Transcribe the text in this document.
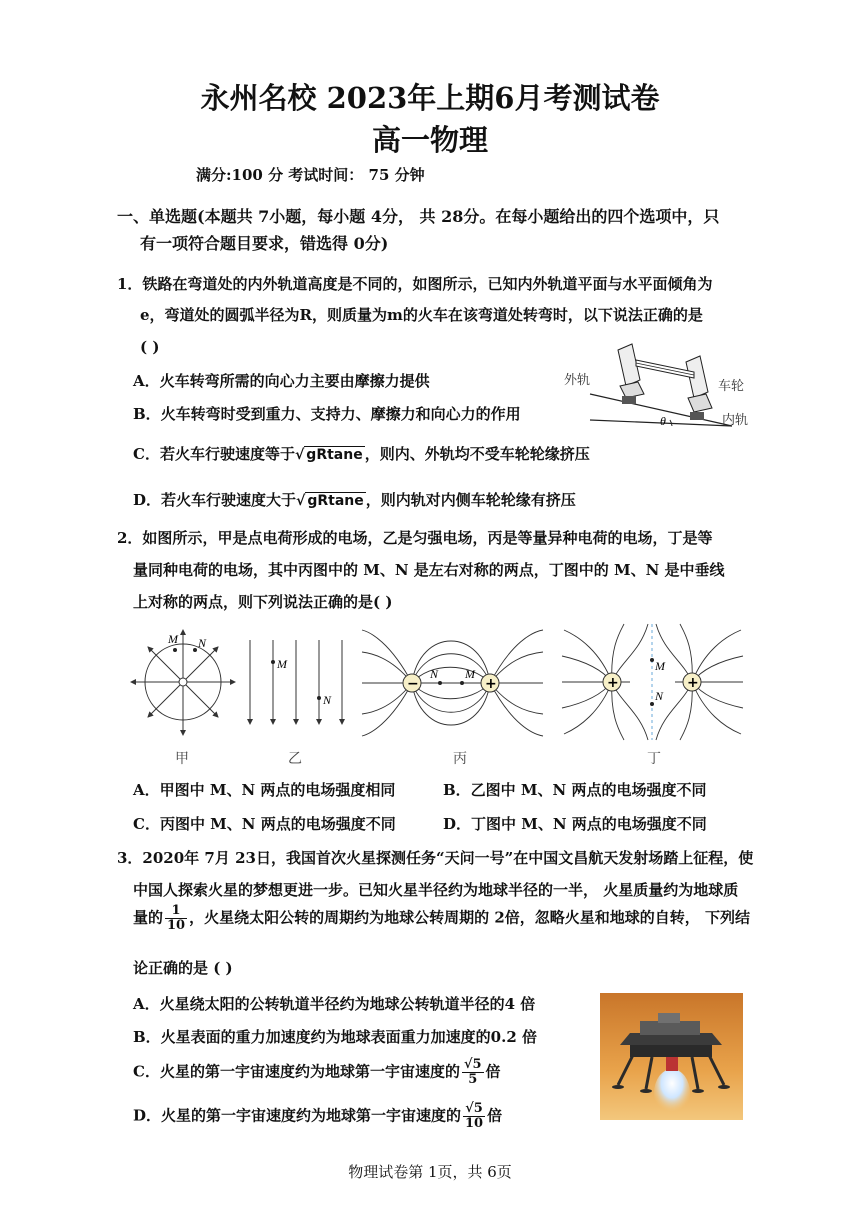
永州名校 2023年上期6月考测试卷
高一物理
满分:100 分 考试时间： 75 分钟
一、单选题(本题共 7小题，每小题 4分， 共 28分。在每小题给出的四个选项中，只
有一项符合题目要求，错选得 0分)
1．铁路在弯道处的内外轨道高度是不同的，如图所示，已知内外轨道平面与水平面倾角为
e，弯道处的圆弧半径为R，则质量为m的火车在该弯道处转弯时，以下说法正确的是
( )
A．火车转弯所需的向心力主要由摩擦力提供
B．火车转弯时受到重力、支持力、摩擦力和向心力的作用
C．若火车行驶速度等于√ gRtane ，则内、外轨均不受车轮轮缘挤压
D．若火车行驶速度大于√ gRtane ，则内轨对内侧车轮轮缘有挤压
θ
外轨	车轮
内轨
2．如图所示，甲是点电荷形成的电场，乙是匀强电场，丙是等量异种电荷的电场，丁是等
量同种电荷的电场，其中丙图中的 M、N 是左右对称的两点，丁图中的 M、N 是中垂线
上对称的两点，则下列说法正确的是( )
M N
M
N
−	+
N M
+	+
M
N
甲	乙	丙	丁
A．甲图中 M、N 两点的电场强度相同	B．乙图中 M、N 两点的电场强度不同
C．丙图中 M、N 两点的电场强度不同	D．丁图中 M、N 两点的电场强度不同
3．2020年 7月 23日，我国首次火星探测任务“天问一号”在中国文昌航天发射场踏上征程，使
中国人探索火星的梦想更进一步。已知火星半径约为地球半径的一半， 火星质量约为地球质
量的 $\frac{1}{10}$ ，火星绕太阳公转的周期约为地球公转周期的 2倍，忽略火星和地球的自转， 下列结
论正确的是 ( )
A．火星绕太阳的公转轨道半径约为地球公转轨道半径的4 倍
B．火星表面的重力加速度约为地球表面重力加速度的0.2 倍
C．火星的第一宇宙速度约为地球第一宇宙速度的 $\frac{√5}{5}$ 倍
D．火星的第一宇宙速度约为地球第一宇宙速度的 $\frac{√5}{10}$ 倍
物理试卷第 1页，共 6页
